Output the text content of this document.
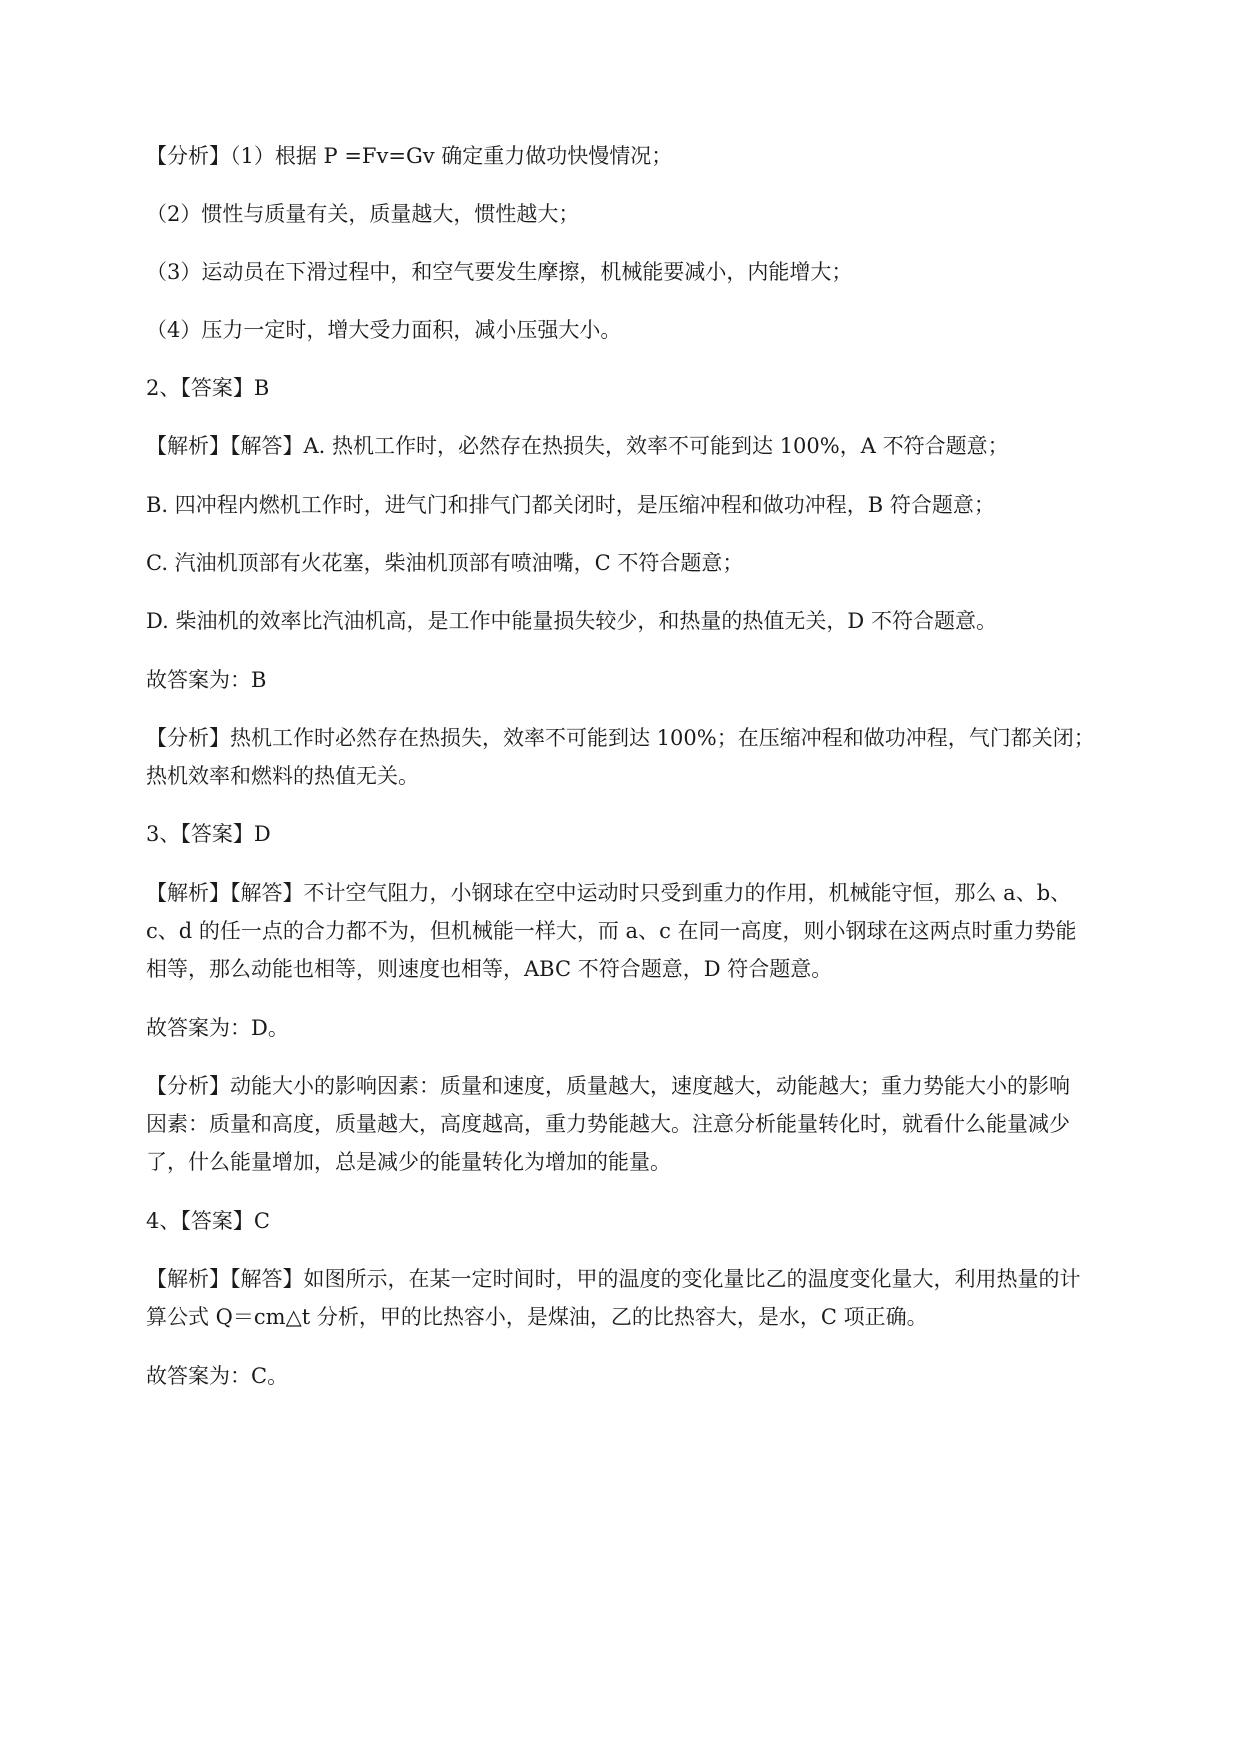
【分析】（1）根据 P =Fv=Gv 确定重力做功快慢情况；
（2）惯性与质量有关，质量越大，惯性越大；
（3）运动员在下滑过程中，和空气要发生摩擦，机械能要减小，内能增大；
（4）压力一定时，增大受力面积，减小压强大小。
2、【答案】B
【解析】【解答】A. 热机工作时，必然存在热损失，效率不可能到达 100%，A 不符合题意；
B. 四冲程内燃机工作时，进气门和排气门都关闭时，是压缩冲程和做功冲程，B 符合题意；
C. 汽油机顶部有火花塞，柴油机顶部有喷油嘴，C 不符合题意；
D. 柴油机的效率比汽油机高，是工作中能量损失较少，和热量的热值无关，D 不符合题意。
故答案为：B
【分析】热机工作时必然存在热损失，效率不可能到达 100%；在压缩冲程和做功冲程，气门都关闭；
热机效率和燃料的热值无关。
3、【答案】D
【解析】【解答】不计空气阻力，小钢球在空中运动时只受到重力的作用，机械能守恒，那么 a、b、
c、d 的任一点的合力都不为，但机械能一样大，而 a、c 在同一高度，则小钢球在这两点时重力势能
相等，那么动能也相等，则速度也相等，ABC 不符合题意，D 符合题意。
故答案为：D。
【分析】动能大小的影响因素：质量和速度，质量越大，速度越大，动能越大；重力势能大小的影响
因素：质量和高度，质量越大，高度越高，重力势能越大。注意分析能量转化时，就看什么能量减少
了，什么能量增加，总是减少的能量转化为增加的能量。
4、【答案】C
【解析】【解答】如图所示，在某一定时间时，甲的温度的变化量比乙的温度变化量大，利用热量的计
算公式 Q＝cm△t 分析，甲的比热容小，是煤油，乙的比热容大，是水，C 项正确。
故答案为：C。
